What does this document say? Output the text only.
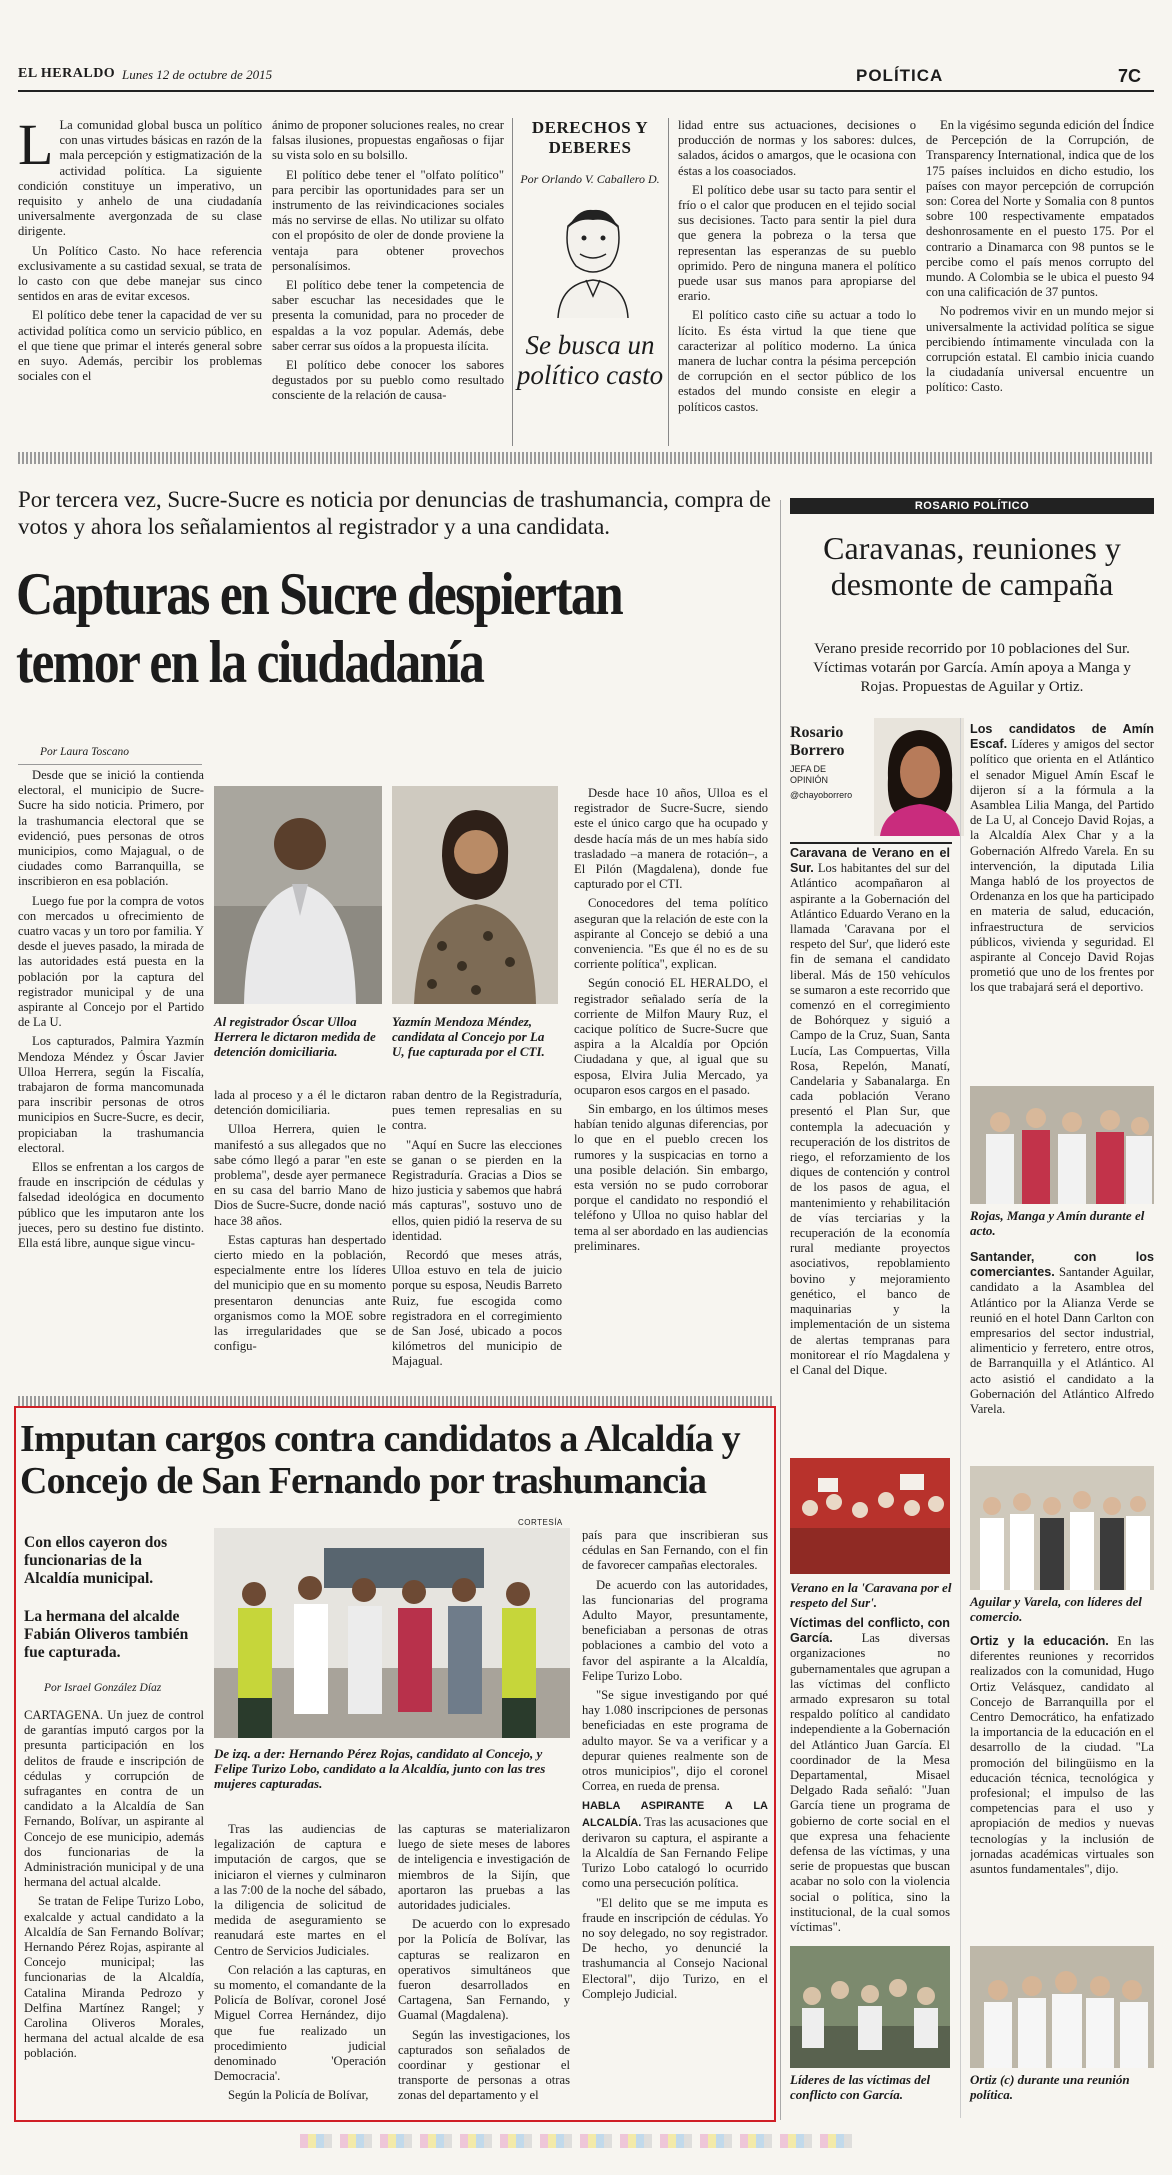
EL HERALDO Lunes 12 de octubre de 2015	POLÍTICA	7C
L La comunidad global busca un político con unas virtudes básicas en razón de la mala percepción y estigmatización de la actividad política. La siguiente condición constituye un imperativo, un requisito y anhelo de una ciudadanía universalmente avergonzada de su clase dirigente.

Un Político Casto. No hace referencia exclusivamente a su castidad sexual, se trata de lo casto con que debe manejar sus cinco sentidos en aras de evitar excesos.

El político debe tener la capacidad de ver su actividad política como un servicio público, en el que tiene que primar el interés general sobre en suyo. Además, percibir los problemas sociales con el

ánimo de proponer soluciones reales, no crear falsas ilusiones, propuestas engañosas o fijar su vista solo en su bolsillo.

El político debe tener el "olfato político" para percibir las oportunidades para ser un instrumento de las reivindicaciones sociales más no servirse de ellas. No utilizar su olfato con el propósito de oler de donde proviene la ventaja para obtener provechos personalísimos.

El político debe tener la competencia de saber escuchar las necesidades que le presenta la comunidad, para no proceder de espaldas a la voz popular. Además, debe saber cerrar sus oídos a la propuesta ilícita.

El político debe conocer los sabores degustados por su pueblo como resultado consciente de la relación de causa-

DERECHOS Y DEBERES
Por Orlando V. Caballero D.
Se busca un político casto

lidad entre sus actuaciones, decisiones o producción de normas y los sabores: dulces, salados, ácidos o amargos, que le ocasiona con éstas a los coasociados.

El político debe usar su tacto para sentir el frío o el calor que producen en el tejido social sus decisiones. Tacto para sentir la piel dura que genera la pobreza o la tersa que representan las esperanzas de su pueblo oprimido. Pero de ninguna manera el político puede usar sus manos para apropiarse del erario.

El político casto ciñe su actuar a todo lo lícito. Es ésta virtud la que tiene que caracterizar al político moderno. La única manera de luchar contra la pésima percepción de corrupción en el sector público de los estados del mundo consiste en elegir a políticos castos.

En la vigésimo segunda edición del Índice de Percepción de la Corrupción, de Transparency International, indica que de los 175 países incluidos en dicho estudio, los países con mayor percepción de corrupción son: Corea del Norte y Somalia con 8 puntos sobre 100 respectivamente empatados deshonrosamente en el puesto 175. Por el contrario a Dinamarca con 98 puntos se le percibe como el país menos corrupto del mundo. A Colombia se le ubica el puesto 94 con una calificación de 37 puntos.

No podremos vivir en un mundo mejor si universalmente la actividad política se sigue percibiendo íntimamente vinculada con la corrupción estatal. El cambio inicia cuando la ciudadanía universal encuentre un político: Casto.

Por tercera vez, Sucre-Sucre es noticia por denuncias de trashumancia, compra de votos y ahora los señalamientos al registrador y a una candidata.
Capturas en Sucre despiertan
temor en la ciudadanía
Por Laura Toscano

Desde que se inició la contienda electoral, el municipio de Sucre-Sucre ha sido noticia. Primero, por la trashumancia electoral que se evidenció, pues personas de otros municipios, como Majagual, o de ciudades como Barranquilla, se inscribieron en esa población.

Luego fue por la compra de votos con mercados u ofrecimiento de cuatro vacas y un toro por familia. Y desde el jueves pasado, la mirada de las autoridades está puesta en la población por la captura del registrador municipal y de una aspirante al Concejo por el Partido de La U.

Los capturados, Palmira Yazmín Mendoza Méndez y Óscar Javier Ulloa Herrera, según la Fiscalía, trabajaron de forma mancomunada para inscribir personas de otros municipios en Sucre-Sucre, es decir, propiciaban la trashumancia electoral.

Ellos se enfrentan a los cargos de fraude en inscripción de cédulas y falsedad ideológica en documento público que les imputaron ante los jueces, pero su destino fue distinto. Ella está libre, aunque sigue vincu-

Al registrador Óscar Ulloa Herrera le dictaron medida de detención domiciliaria.
Yazmín Mendoza Méndez, candidata al Concejo por La U, fue capturada por el CTI.

lada al proceso y a él le dictaron detención domiciliaria.

Ulloa Herrera, quien le manifestó a sus allegados que no sabe cómo llegó a parar "en este problema", desde ayer permanece en su casa del barrio Mano de Dios de Sucre-Sucre, donde nació hace 38 años.

Estas capturas han despertado cierto miedo en la población, especialmente entre los líderes del municipio que en su momento presentaron denuncias ante organismos como la MOE sobre las irregularidades que se configu-

raban dentro de la Registraduría, pues temen represalias en su contra.

"Aquí en Sucre las elecciones se ganan o se pierden en la Registraduría. Gracias a Dios se hizo justicia y sabemos que habrá más capturas", sostuvo uno de ellos, quien pidió la reserva de su identidad.

Recordó que meses atrás, Ulloa estuvo en tela de juicio porque su esposa, Neudis Barreto Ruiz, fue escogida como registradora en el corregimiento de San José, ubicado a pocos kilómetros del municipio de Majagual.

Desde hace 10 años, Ulloa es el registrador de Sucre-Sucre, siendo este el único cargo que ha ocupado y desde hacía más de un mes había sido trasladado –a manera de rotación–, a El Pilón (Magdalena), donde fue capturado por el CTI.

Conocedores del tema político aseguran que la relación de este con la aspirante al Concejo se debió a una conveniencia. "Es que él no es de su corriente política", explican.

Según conoció EL HERALDO, el registrador señalado sería de la corriente de Milfon Maury Ruz, el cacique político de Sucre-Sucre que aspira a la Alcaldía por Opción Ciudadana y que, al igual que su esposa, Elvira Julia Mercado, ya ocuparon esos cargos en el pasado.

Sin embargo, en los últimos meses habían tenido algunas diferencias, por lo que en el pueblo crecen los rumores y la suspicacias en torno a una posible delación. Sin embargo, esta versión no se pudo corroborar porque el candidato no respondió el teléfono y Ulloa no quiso hablar del tema al ser abordado en las audiencias preliminares.

ROSARIO POLÍTICO
Caravanas, reuniones y desmonte de campaña
Verano preside recorrido por 10 poblaciones del Sur. Víctimas votarán por García. Amín apoya a Manga y Rojas. Propuestas de Aguilar y Ortiz.
Rosario
Borrero
JEFA DE OPINIÓN
@chayoborrero

Caravana de Verano en el Sur. Los habitantes del sur del Atlántico acompañaron al aspirante a la Gobernación del Atlántico Eduardo Verano en la llamada 'Caravana por el respeto del Sur', que lideró este fin de semana el candidato liberal. Más de 150 vehículos se sumaron a este recorrido que comenzó en el corregimiento de Bohórquez y siguió a Campo de la Cruz, Suan, Santa Lucía, Las Compuertas, Villa Rosa, Repelón, Manatí, Candelaria y Sabanalarga. En cada población Verano presentó el Plan Sur, que contempla la adecuación y recuperación de los distritos de riego, el reforzamiento de los diques de contención y control de los pasos de agua, el mantenimiento y rehabilitación de vías terciarias y la recuperación de la economía rural mediante proyectos asociativos, repoblamiento bovino y mejoramiento genético, el banco de maquinarias y la implementación de un sistema de alertas tempranas para monitorear el río Magdalena y el Canal del Dique.

Verano en la 'Caravana por el respeto del Sur'.

Víctimas del conflicto, con García. Las diversas organizaciones no gubernamentales que agrupan a las víctimas del conflicto armado expresaron su total respaldo político al candidato independiente a la Gobernación del Atlántico Juan García. El coordinador de la Mesa Departamental, Misael Delgado Rada señaló: "Juan García tiene un programa de gobierno de corte social en el que expresa una fehaciente defensa de las víctimas, y una serie de propuestas que buscan acabar no solo con la violencia social o política, sino la institucional, de la cual somos víctimas".

Líderes de las víctimas del conflicto con García.

Los candidatos de Amín Escaf. Líderes y amigos del sector político que orienta en el Atlántico el senador Miguel Amín Escaf le dijeron sí a la fórmula a la Asamblea Lilia Manga, del Partido de La U, al Concejo David Rojas, a la Alcaldía Alex Char y a la Gobernación Alfredo Varela. En su intervención, la diputada Lilia Manga habló de los proyectos de Ordenanza en los que ha participado en materia de salud, educación, infraestructura de servicios públicos, vivienda y seguridad. El aspirante al Concejo David Rojas prometió que uno de los frentes por los que trabajará será el deportivo.

Rojas, Manga y Amín durante el acto.

Santander, con los comerciantes. Santander Aguilar, candidato a la Asamblea del Atlántico por la Alianza Verde se reunió en el hotel Dann Carlton con empresarios del sector industrial, alimenticio y ferretero, entre otros, de Barranquilla y el Atlántico. Al acto asistió el candidato a la Gobernación del Atlántico Alfredo Varela.

Aguilar y Varela, con líderes del comercio.

Ortiz y la educación. En las diferentes reuniones y recorridos realizados con la comunidad, Hugo Ortiz Velásquez, candidato al Concejo de Barranquilla por el Centro Democrático, ha enfatizado la importancia de la educación en el desarrollo de la ciudad. "La promoción del bilingüismo en la educación técnica, tecnológica y profesional; el impulso de las competencias para el uso y apropiación de medios y nuevas tecnologías y la inclusión de jornadas académicas virtuales son asuntos fundamentales", dijo.

Ortiz (c) durante una reunión política.
Imputan cargos contra candidatos a Alcaldía y Concejo de San Fernando por trashumancia
Con ellos cayeron dos funcionarias de la Alcaldía municipal.
La hermana del alcalde Fabián Oliveros también fue capturada.
Por Israel González Díaz
CORTESÍA
De izq. a der: Hernando Pérez Rojas, candidato al Concejo, y Felipe Turizo Lobo, candidato a la Alcaldía, junto con las tres mujeres capturadas.

CARTAGENA. Un juez de control de garantías imputó cargos por la presunta participación en los delitos de fraude e inscripción de cédulas y corrupción de sufragantes en contra de un candidato a la Alcaldía de San Fernando, Bolívar, un aspirante al Concejo de ese municipio, además dos funcionarias de la Administración municipal y de una hermana del actual alcalde.

Se tratan de Felipe Turizo Lobo, exalcalde y actual candidato a la Alcaldía de San Fernando Bolívar; Hernando Pérez Rojas, aspirante al Concejo municipal; las funcionarias de la Alcaldía, Catalina Miranda Pedrozo y Delfina Martínez Rangel; y Carolina Oliveros Morales, hermana del actual alcalde de esa población.

Tras las audiencias de legalización de captura e imputación de cargos, que se iniciaron el viernes y culminaron a las 7:00 de la noche del sábado, la diligencia de solicitud de medida de aseguramiento se reanudará este martes en el Centro de Servicios Judiciales.

Con relación a las capturas, en su momento, el comandante de la Policía de Bolívar, coronel José Miguel Correa Hernández, dijo que fue realizado un procedimiento judicial denominado 'Operación Democracia'.

Según la Policía de Bolívar,

las capturas se materializaron luego de siete meses de labores de inteligencia e investigación de miembros de la Sijín, que aportaron las pruebas a las autoridades judiciales.

De acuerdo con lo expresado por la Policía de Bolívar, las capturas se realizaron en operativos simultáneos que fueron desarrollados en Cartagena, San Fernando, y Guamal (Magdalena).

Según las investigaciones, los capturados son señalados de coordinar y gestionar el transporte de personas a otras zonas del departamento y el

país para que inscribieran sus cédulas en San Fernando, con el fin de favorecer campañas electorales.

De acuerdo con las autoridades, las funcionarias del programa Adulto Mayor, presuntamente, beneficiaban a personas de otras poblaciones a cambio del voto a favor del aspirante a la Alcaldía, Felipe Turizo Lobo.

"Se sigue investigando por qué hay 1.080 inscripciones de personas beneficiadas en este programa de adulto mayor. Se va a verificar y a depurar quienes realmente son de otros municipios", dijo el coronel Correa, en rueda de prensa.

HABLA ASPIRANTE A LA ALCALDÍA. Tras las acusaciones que derivaron su captura, el aspirante a la Alcaldía de San Fernando Felipe Turizo Lobo catalogó lo ocurrido como una persecución política.

"El delito que se me imputa es fraude en inscripción de cédulas. Yo no soy delegado, no soy registrador. De hecho, yo denuncié la trashumancia al Consejo Nacional Electoral", dijo Turizo, en el Complejo Judicial.
